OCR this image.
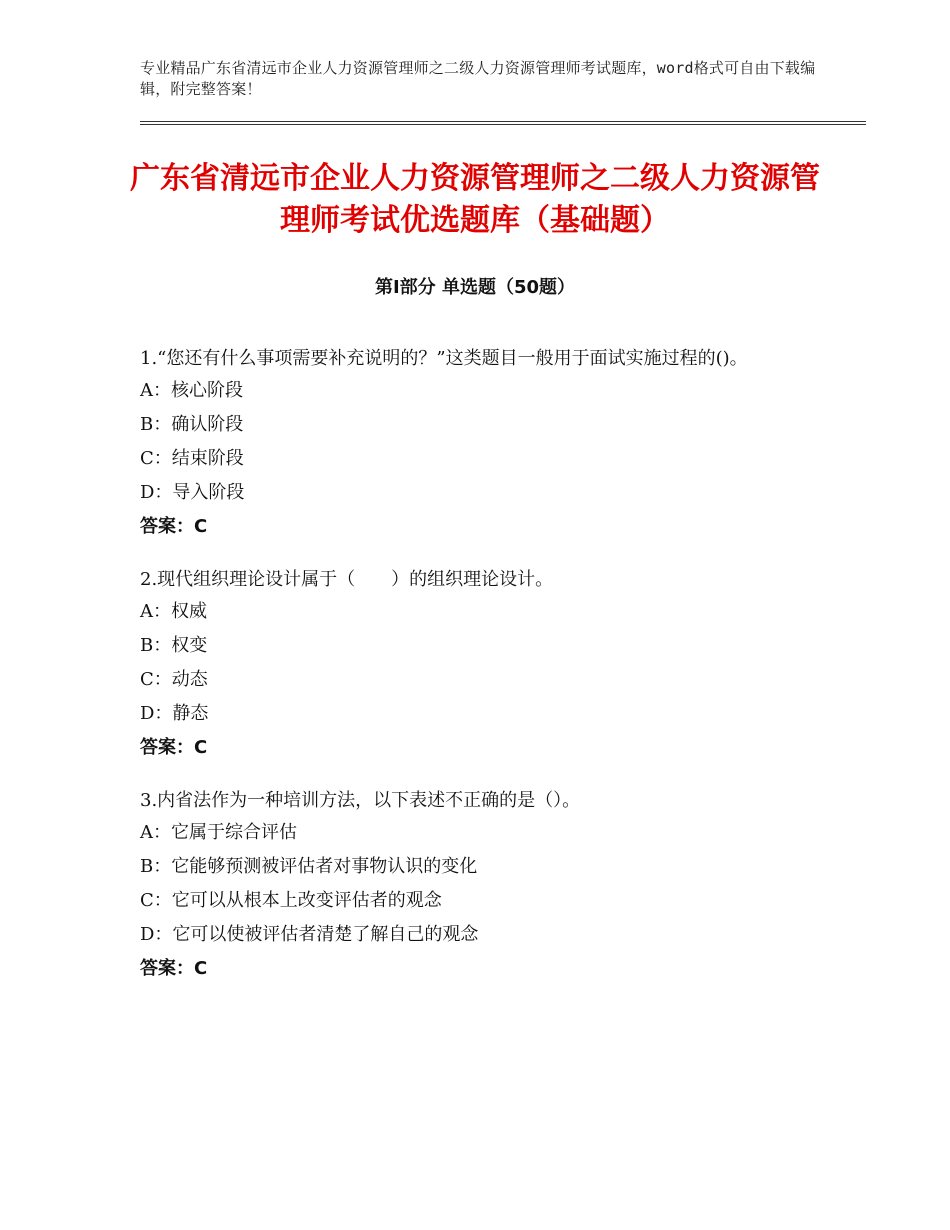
专业精品广东省清远市企业人力资源管理师之二级人力资源管理师考试题库，word格式可自由下载编辑，附完整答案！
广东省清远市企业人力资源管理师之二级人力资源管理师考试优选题库（基础题）
第Ⅰ部分 单选题（50题）

1.“您还有什么事项需要补充说明的？”这类题目一般用于面试实施过程的()。

A：核心阶段

B：确认阶段

C：结束阶段

D：导入阶段

答案：C

2.现代组织理论设计属于（　　）的组织理论设计。

A：权威

B：权变

C：动态

D：静态

答案：C

3.内省法作为一种培训方法，以下表述不正确的是（）。

A：它属于综合评估

B：它能够预测被评估者对事物认识的变化

C：它可以从根本上改变评估者的观念

D：它可以使被评估者清楚了解自己的观念

答案：C
